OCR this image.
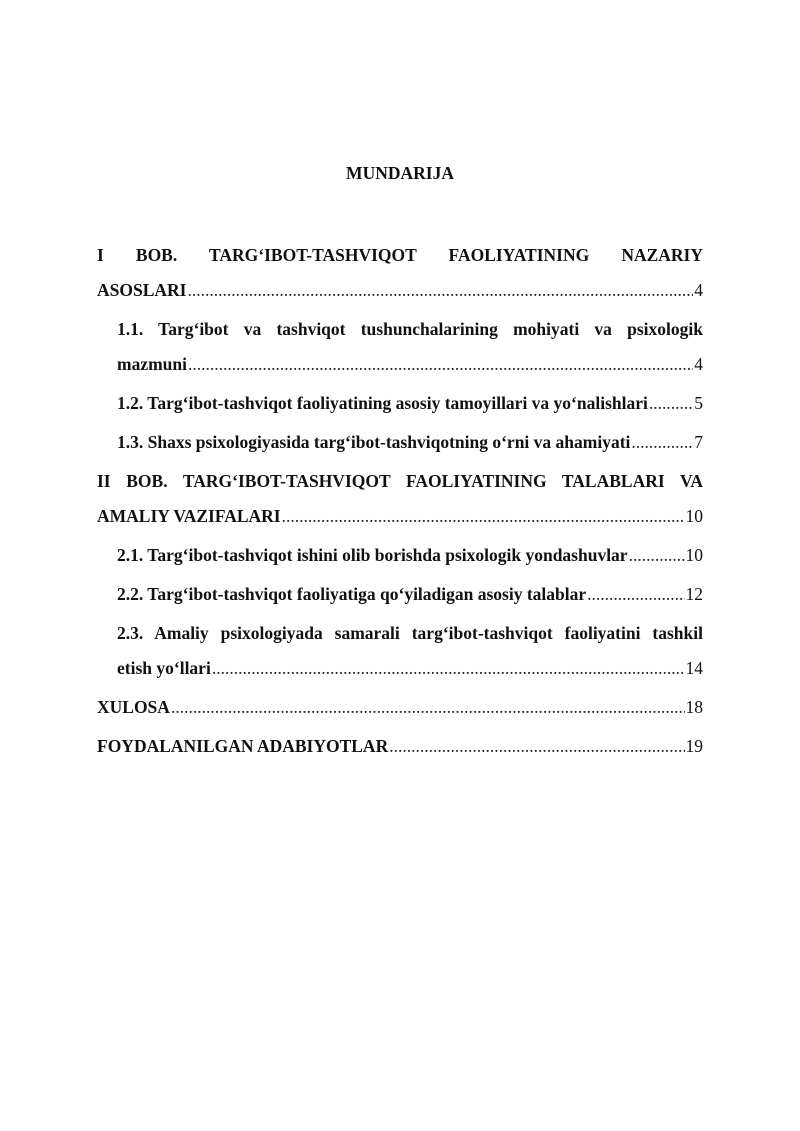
MUNDARIJA
I BOB. TARG‘IBOT-TASHVIQOT FAOLIYATINING NAZARIY
ASOSLARI .....	4
1.1. Targ‘ibot va tashviqot tushunchalarining mohiyati va psixologik
mazmuni .....	4
1.2. Targ‘ibot-tashviqot faoliyatining asosiy tamoyillari va yo‘nalishlari .....	5
1.3. Shaxs psixologiyasida targ‘ibot-tashviqotning o‘rni va ahamiyati .....	7
II BOB. TARG‘IBOT-TASHVIQOT FAOLIYATINING TALABLARI VA
AMALIY VAZIFALARI .....	10
2.1. Targ‘ibot-tashviqot ishini olib borishda psixologik yondashuvlar .....	10
2.2. Targ‘ibot-tashviqot faoliyatiga qo‘yiladigan asosiy talablar .....	12
2.3. Amaliy psixologiyada samarali targ‘ibot-tashviqot faoliyatini tashkil
etish yo‘llari .....	14
XULOSA .....	18
FOYDALANILGAN ADABIYOTLAR .....	19
